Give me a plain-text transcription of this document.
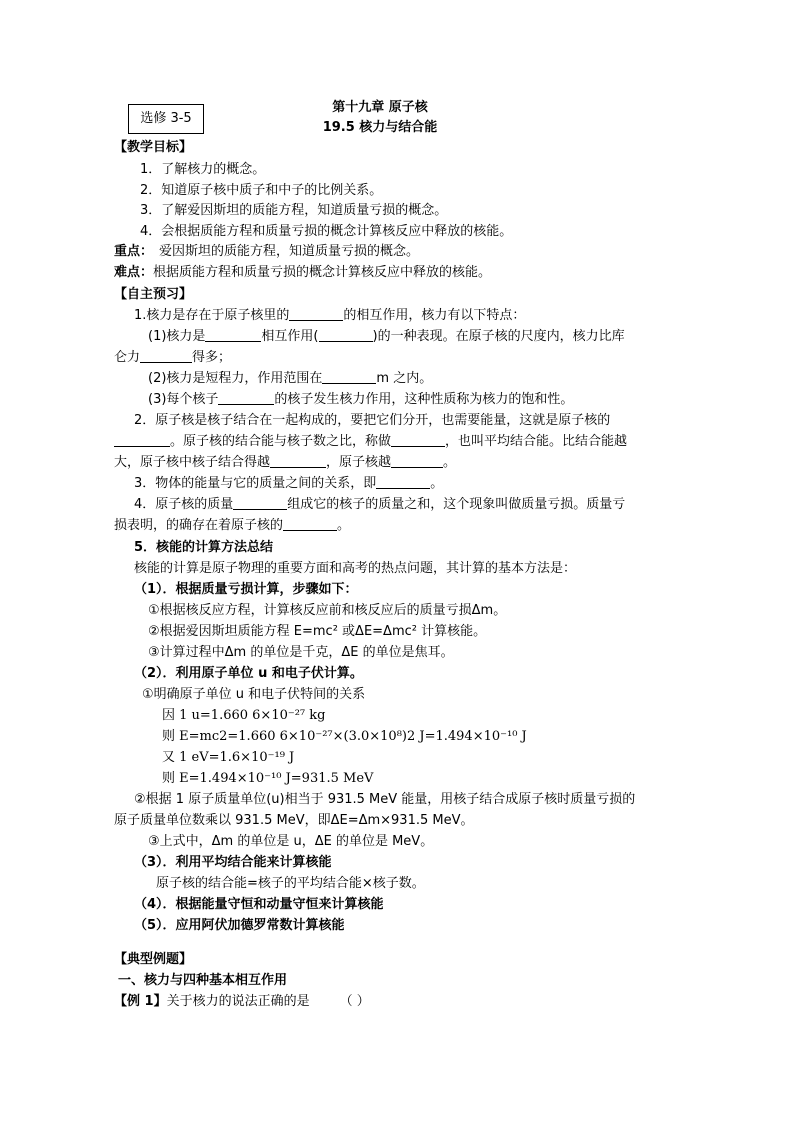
选修 3-5
第十九章 原子核
19.5 核力与结合能
【教学目标】
1．了解核力的概念。
2．知道原子核中质子和中子的比例关系。
3．了解爱因斯坦的质能方程，知道质量亏损的概念。
4．会根据质能方程和质量亏损的概念计算核反应中释放的核能。
重点： 爱因斯坦的质能方程，知道质量亏损的概念。
难点：根据质能方程和质量亏损的概念计算核反应中释放的核能。
【自主预习】
1.核力是存在于原子核里的	的相互作用，核力有以下特点：
(1)核力是	相互作用(	)的一种表现。在原子核的尺度内，核力比库
仑力	得多；
(2)核力是短程力，作用范围在	m 之内。
(3)每个核子	的核子发生核力作用，这种性质称为核力的饱和性。
2．原子核是核子结合在一起构成的，要把它们分开，也需要能量，这就是原子核的
。原子核的结合能与核子数之比，称做	，也叫平均结合能。比结合能越
大，原子核中核子结合得越	，原子核越	。
3．物体的能量与它的质量之间的关系，即	。
4．原子核的质量	组成它的核子的质量之和，这个现象叫做质量亏损。质量亏
损表明，的确存在着原子核的	。
5．核能的计算方法总结
核能的计算是原子物理的重要方面和高考的热点问题，其计算的基本方法是：
（1）．根据质量亏损计算，步骤如下：
①根据核反应方程，计算核反应前和核反应后的质量亏损Δm。
②根据爱因斯坦质能方程 E=mc² 或ΔE=Δmc² 计算核能。
③计算过程中Δm 的单位是千克，ΔE 的单位是焦耳。
（2）．利用原子单位 u 和电子伏计算。
①明确原子单位 u 和电子伏特间的关系
因 1 u=1.660 6×10⁻²⁷ kg
则 E=mc2=1.660 6×10⁻²⁷×(3.0×10⁸)2 J=1.494×10⁻¹⁰ J
又 1 eV=1.6×10⁻¹⁹ J
则 E=1.494×10⁻¹⁰ J=931.5 MeV
②根据 1 原子质量单位(u)相当于 931.5 MeV 能量，用核子结合成原子核时质量亏损的
原子质量单位数乘以 931.5 MeV，即ΔE=Δm×931.5 MeV。
③上式中，Δm 的单位是 u，ΔE 的单位是 MeV。
（3）．利用平均结合能来计算核能
原子核的结合能=核子的平均结合能×核子数。
（4）．根据能量守恒和动量守恒来计算核能
（5）．应用阿伏加德罗常数计算核能
【典型例题】
一、核力与四种基本相互作用
【例 1】关于核力的说法正确的是 （ ）
